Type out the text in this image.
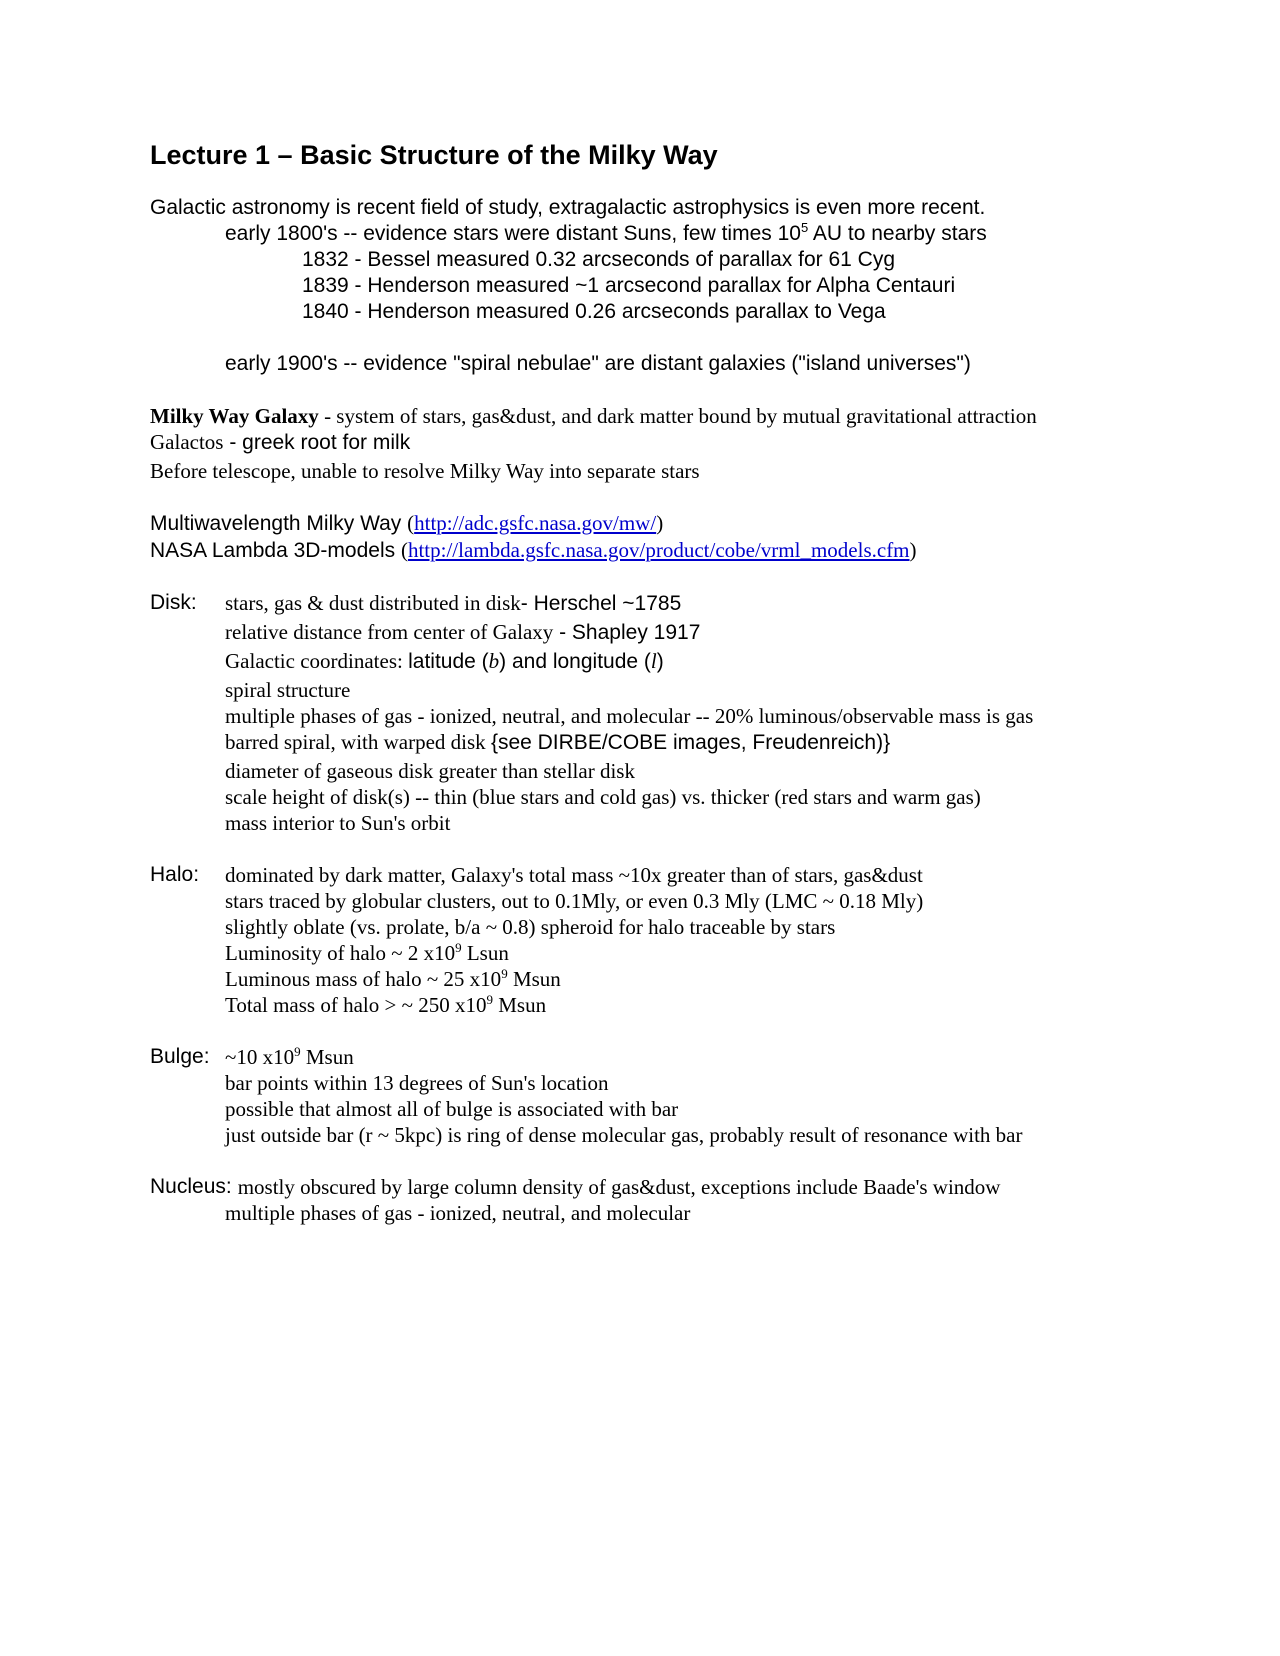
Lecture 1 – Basic Structure of the Milky Way
Galactic astronomy is recent field of study, extragalactic astrophysics is even more recent.
early 1800's -- evidence stars were distant Suns, few times $10^5$ AU to nearby stars
1832 - Bessel measured 0.32 arcseconds of parallax for 61 Cyg
1839 - Henderson measured ~1 arcsecond parallax for Alpha Centauri
1840 - Henderson measured 0.26 arcseconds parallax to Vega
early 1900's -- evidence "spiral nebulae" are distant galaxies ("island universes")
Milky Way Galaxy - system of stars, gas&dust, and dark matter bound by mutual gravitational attraction
Galactos - greek root for milk
Before telescope, unable to resolve Milky Way into separate stars
Multiwavelength Milky Way (http://adc.gsfc.nasa.gov/mw/)
NASA Lambda 3D-models (http://lambda.gsfc.nasa.gov/product/cobe/vrml_models.cfm)
Disk:	stars, gas & dust distributed in disk- Herschel ~1785
relative distance from center of Galaxy - Shapley 1917
Galactic coordinates: latitude (b) and longitude (l)
spiral structure
multiple phases of gas - ionized, neutral, and molecular -- 20% luminous/observable mass is gas
barred spiral, with warped disk {see DIRBE/COBE images, Freudenreich)}
diameter of gaseous disk greater than stellar disk
scale height of disk(s) -- thin (blue stars and cold gas) vs. thicker (red stars and warm gas)
mass interior to Sun's orbit
Halo:	dominated by dark matter, Galaxy's total mass ~10x greater than of stars, gas&dust
stars traced by globular clusters, out to 0.1Mly, or even 0.3 Mly (LMC ~ 0.18 Mly)
slightly oblate (vs. prolate, b/a ~ 0.8) spheroid for halo traceable by stars
Luminosity of halo ~ 2 $x10^9$ Lsun
Luminous mass of halo ~ 25 $x10^9$ Msun
Total mass of halo > ~ 250 $x10^9$ Msun
Bulge: ~10 $x10^9$ Msun
bar points within 13 degrees of Sun's location
possible that almost all of bulge is associated with bar
just outside bar (r ~ 5kpc) is ring of dense molecular gas, probably result of resonance with bar
Nucleus: mostly obscured by large column density of gas&dust, exceptions include Baade's window
multiple phases of gas - ionized, neutral, and molecular
